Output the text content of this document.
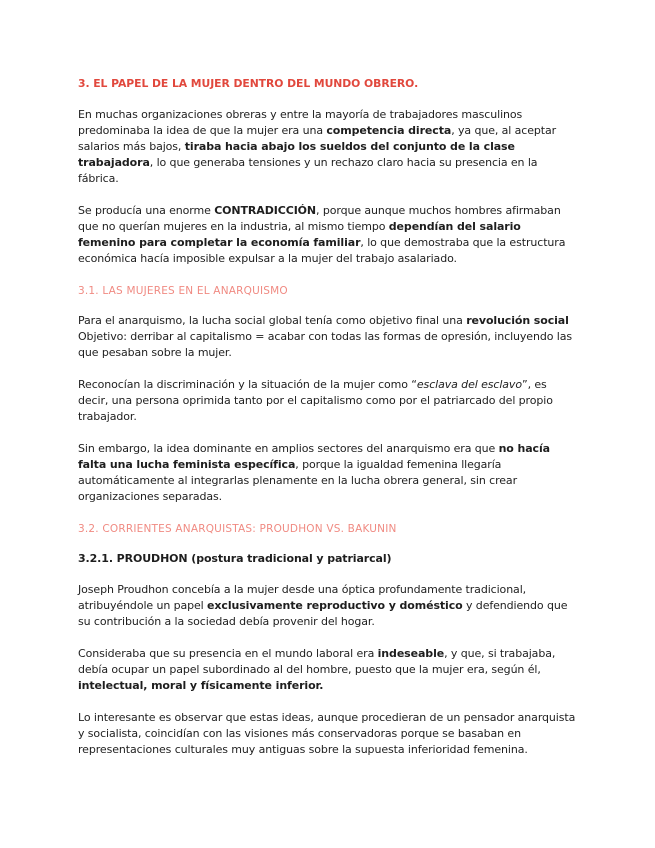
3. EL PAPEL DE LA MUJER DENTRO DEL MUNDO OBRERO.

En muchas organizaciones obreras y entre la mayoría de trabajadores masculinos predominaba la idea de que la mujer era una competencia directa, ya que, al aceptar salarios más bajos, tiraba hacia abajo los sueldos del conjunto de la clase trabajadora, lo que generaba tensiones y un rechazo claro hacia su presencia en la fábrica.

Se producía una enorme CONTRADICCIÓN, porque aunque muchos hombres afirmaban que no querían mujeres en la industria, al mismo tiempo dependían del salario femenino para completar la economía familiar, lo que demostraba que la estructura económica hacía imposible expulsar a la mujer del trabajo asalariado.

3.1. LAS MUJERES EN EL ANARQUISMO

Para el anarquismo, la lucha social global tenía como objetivo final una revolución social Objetivo: derribar al capitalismo = acabar con todas las formas de opresión, incluyendo las que pesaban sobre la mujer.

Reconocían la discriminación y la situación de la mujer como “esclava del esclavo”, es decir, una persona oprimida tanto por el capitalismo como por el patriarcado del propio trabajador.

Sin embargo, la idea dominante en amplios sectores del anarquismo era que no hacía falta una lucha feminista específica, porque la igualdad femenina llegaría automáticamente al integrarlas plenamente en la lucha obrera general, sin crear organizaciones separadas.

3.2. CORRIENTES ANARQUISTAS: PROUDHON VS. BAKUNIN
3.2.1. PROUDHON (postura tradicional y patriarcal)

Joseph Proudhon concebía a la mujer desde una óptica profundamente tradicional, atribuyéndole un papel exclusivamente reproductivo y doméstico y defendiendo que su contribución a la sociedad debía provenir del hogar.

Consideraba que su presencia en el mundo laboral era indeseable, y que, si trabajaba, debía ocupar un papel subordinado al del hombre, puesto que la mujer era, según él, intelectual, moral y físicamente inferior.

Lo interesante es observar que estas ideas, aunque procedieran de un pensador anarquista y socialista, coincidían con las visiones más conservadoras porque se basaban en representaciones culturales muy antiguas sobre la supuesta inferioridad femenina.
